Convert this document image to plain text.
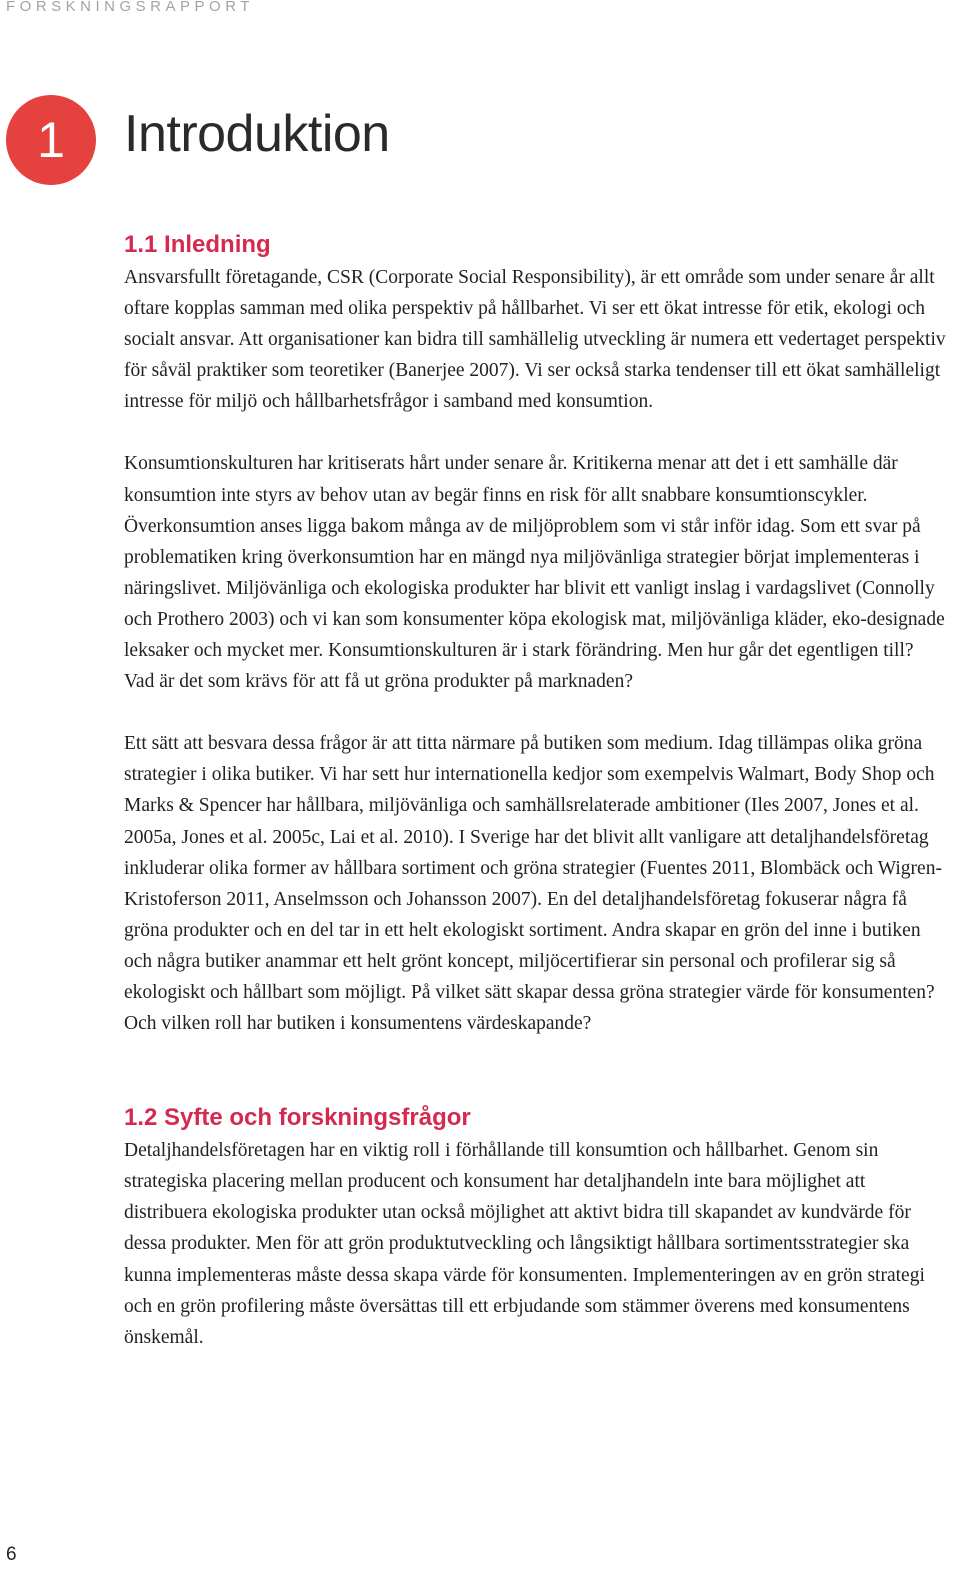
FORSKNINGSRAPPORT
1 Introduktion
1.1 Inledning

Ansvarsfullt företagande, CSR (Corporate Social Responsibility), är ett område som under senare år allt oftare kopplas samman med olika perspektiv på hållbarhet. Vi ser ett ökat intresse för etik, ekologi och socialt ansvar. Att organisationer kan bidra till samhällelig utveckling är numera ett vedertaget perspektiv för såväl praktiker som teoretiker (Banerjee 2007). Vi ser också starka tendenser till ett ökat samhälleligt intresse för miljö och hållbarhetsfrågor i samband med konsumtion.

Konsumtionskulturen har kritiserats hårt under senare år. Kritikerna menar att det i ett samhälle där konsumtion inte styrs av behov utan av begär finns en risk för allt snabbare konsumtionscykler. Överkonsumtion anses ligga bakom många av de miljöproblem som vi står inför idag. Som ett svar på problematiken kring överkonsumtion har en mängd nya miljövänliga strategier börjat implementeras i näringslivet. Miljövänliga och ekologiska produkter har blivit ett vanligt inslag i vardagslivet (Connolly och Prothero 2003) och vi kan som konsumenter köpa ekologisk mat, miljövänliga kläder, eko-designade leksaker och mycket mer. Konsumtionskulturen är i stark förändring. Men hur går det egentligen till? Vad är det som krävs för att få ut gröna produkter på marknaden?

Ett sätt att besvara dessa frågor är att titta närmare på butiken som medium. Idag tillämpas olika gröna strategier i olika butiker. Vi har sett hur internationella kedjor som exempelvis Walmart, Body Shop och Marks & Spencer har hållbara, miljövänliga och samhällsrelaterade ambitioner (Iles 2007, Jones et al. 2005a, Jones et al. 2005c, Lai et al. 2010). I Sverige har det blivit allt vanligare att detaljhandelsföretag inkluderar olika former av hållbara sortiment och gröna strategier (Fuentes 2011, Blombäck och Wigren-Kristoferson 2011, Anselmsson och Johansson 2007). En del detaljhandelsföretag fokuserar några få gröna produkter och en del tar in ett helt ekologiskt sortiment. Andra skapar en grön del inne i butiken och några butiker anammar ett helt grönt koncept, miljöcertifierar sin personal och profilerar sig så ekologiskt och hållbart som möjligt. På vilket sätt skapar dessa gröna strategier värde för konsumenten? Och vilken roll har butiken i konsumentens värdeskapande?

1.2 Syfte och forskningsfrågor

Detaljhandelsföretagen har en viktig roll i förhållande till konsumtion och hållbarhet. Genom sin strategiska placering mellan producent och konsument har detaljhandeln inte bara möjlighet att distribuera ekologiska produkter utan också möjlighet att aktivt bidra till skapandet av kundvärde för dessa produkter. Men för att grön produktutveckling och långsiktigt hållbara sortimentsstrategier ska kunna implementeras måste dessa skapa värde för konsumenten. Implementeringen av en grön strategi och en grön profilering måste översättas till ett erbjudande som stämmer överens med konsumentens önskemål.

6
